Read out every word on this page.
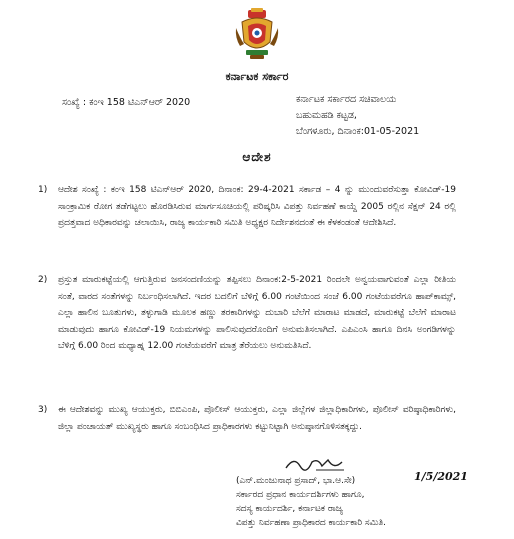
ಕರ್ನಾಟಕ ಸರ್ಕಾರ
ಸಂಖ್ಯೆ : ಕಂಇ 158 ಟಿಎನ್‌ಆರ್ 2020	ಕರ್ನಾಟಕ ಸರ್ಕಾರದ ಸಚಿವಾಲಯ
ಬಹುಮಹಡಿ ಕಟ್ಟಡ,
ಬೆಂಗಳೂರು, ದಿನಾಂಕ:01-05-2021
ಆದೇಶ
1) ಆದೇಶ ಸಂಖ್ಯೆ : ಕಂಇ 158 ಟಿಎನ್‌ಆರ್ 2020, ದಿನಾಂಕ: 29-4-2021 ಸರ್ಕಾಡ – 4 ನ್ನು ಮುಂದುವರೆಸುತ್ತಾ ಕೋವಿಡ್-19 ಸಾಂಕ್ರಾಮಿಕ ರೋಗ ತಡೆಗಟ್ಟಲು ಹೊರಡಿಸಿರುವ ಮಾರ್ಗಸೂಚಿಯಲ್ಲಿ ಪರಿಷ್ಕರಿಸಿ ವಿಪತ್ತು ನಿರ್ವಹಣೆ ಕಾಯ್ದೆ 2005 ರಲ್ಲಿನ ಸೆಕ್ಷನ್ 24 ರಲ್ಲಿ ಪ್ರದತ್ತವಾದ ಅಧಿಕಾರವನ್ನು ಚಲಾಯಿಸಿ, ರಾಜ್ಯ ಕಾರ್ಯಕಾರಿ ಸಮಿತಿ ಅಧ್ಯಕ್ಷರ ನಿರ್ದೇಶನದಂತೆ ಈ ಕೆಳಕಂಡಂತೆ ಆದೇಶಿಸಿದೆ.
2) ಪ್ರಸ್ತುತ ಮಾರುಕಟ್ಟೆಯಲ್ಲಿ ಆಗುತ್ತಿರುವ ಜನಸಂದಣಿಯನ್ನು ತಪ್ಪಿಸಲು ದಿನಾಂಕ:2-5-2021 ರಿಂದಲೇ ಅನ್ವಯವಾಗುವಂತೆ ಎಲ್ಲಾ ರೀತಿಯ ಸಂತೆ, ವಾರದ ಸಂತೆಗಳನ್ನು ನಿರ್ಬಂಧಿಸಲಾಗಿದೆ. ಇದರ ಬದಲಿಗೆ ಬೆಳಿಗ್ಗೆ 6.00 ಗಂಟೆಯಿಂದ ಸಂಜೆ 6.00 ಗಂಟೆಯವರೆಗೂ ಹಾಪ್‌ಕಾಮ್ಸ್, ಎಲ್ಲಾ ಹಾಲಿನ ಬೂತುಗಳು, ತಳ್ಳುಗಾಡಿ ಮೂಲಕ ಹಣ್ಣು ತರಕಾರಿಗಳನ್ನು ದುಬಾರಿ ಬೆಲೆಗೆ ಮಾರಾಟ ಮಾಡದೆ, ಮಾರುಕಟ್ಟೆ ಬೆಲೆಗೆ ಮಾರಾಟ ಮಾಡುವುದು ಹಾಗೂ ಕೋವಿಡ್-19 ನಿಯಮಗಳನ್ನು ಪಾಲಿಸುವುದರೊಂದಿಗೆ ಅನುಮತಿಸಲಾಗಿದೆ. ಎಪಿಎಂಸಿ ಹಾಗೂ ದಿನಸಿ ಅಂಗಡಿಗಳನ್ನು ಬೆಳಿಗ್ಗೆ 6.00 ರಿಂದ ಮಧ್ಯಾಹ್ನ 12.00 ಗಂಟೆಯವರೆಗೆ ಮಾತ್ರ ತೆರೆಯಲು ಅನುಮತಿಸಿದೆ.
3) ಈ ಆದೇಶವನ್ನು ಮುಖ್ಯ ಆಯುಕ್ತರು, ಬಿಬಿಎಂಪಿ, ಪೊಲೀಸ್ ಆಯುಕ್ತರು, ಎಲ್ಲಾ ಜಿಲ್ಲೆಗಳ ಜಿಲ್ಲಾಧಿಕಾರಿಗಳು, ಪೊಲೀಸ್ ವರಿಷ್ಠಾಧಿಕಾರಿಗಳು, ಜಿಲ್ಲಾ ಪಂಚಾಯತ್ ಮುಖ್ಯಸ್ಥರು ಹಾಗೂ ಸಂಬಂಧಿಸಿದ ಪ್ರಾಧಿಕಾರಗಳು ಕಟ್ಟುನಿಟ್ಟಾಗಿ ಅನುಷ್ಠಾನಗೊಳಿಸತಕ್ಕದ್ದು.
1/5/2021
(ಎನ್.ಮಂಜುನಾಥ ಪ್ರಸಾದ್, ಭಾ.ಆ.ಸೇ)
ಸರ್ಕಾರದ ಪ್ರಧಾನ ಕಾರ್ಯದರ್ಶಿಗಳು ಹಾಗೂ,
ಸದಸ್ಯ ಕಾರ್ಯದರ್ಶಿ, ಕರ್ನಾಟಕ ರಾಜ್ಯ
ವಿಪತ್ತು ನಿರ್ವಹಣಾ ಪ್ರಾಧಿಕಾರದ ಕಾರ್ಯಕಾರಿ ಸಮಿತಿ.
